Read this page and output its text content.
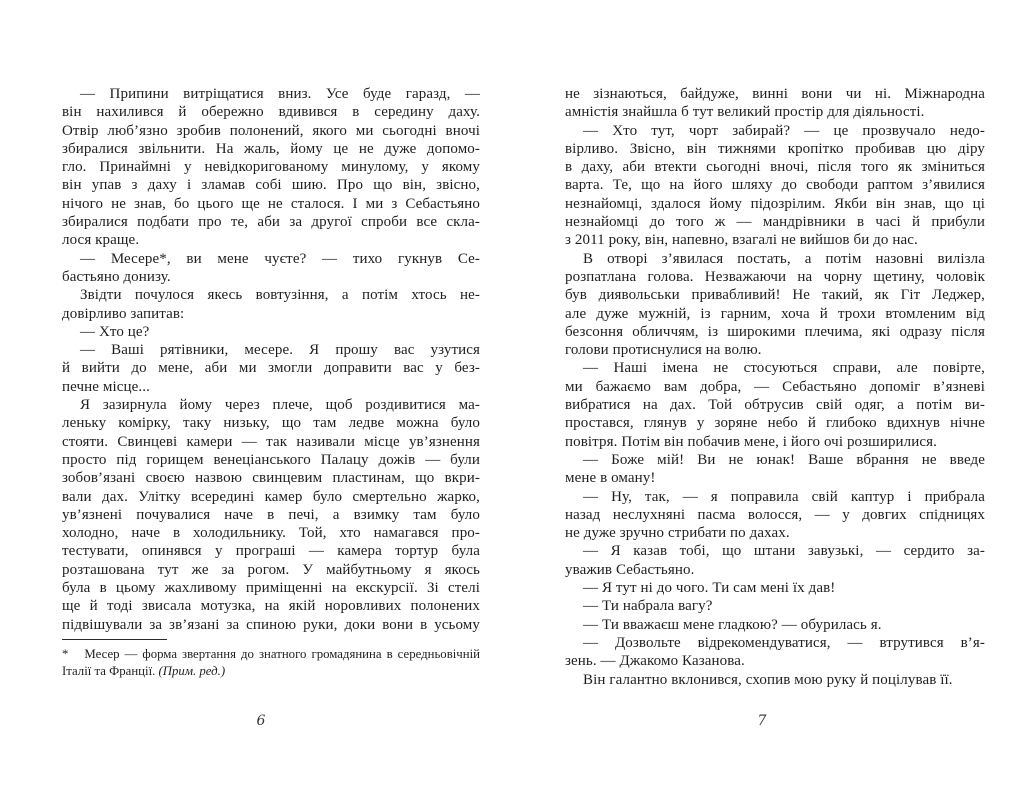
— Припини витріщатися вниз. Усе буде гаразд, —
він нахилився й обережно вдивився в середину даху.
Отвір люб’язно зробив полонений, якого ми сьогодні вночі
збиралися звільнити. На жаль, йому це не дуже допомо-
гло. Принаймні у невідкоригованому минулому, у якому
він упав з даху і зламав собі шию. Про що він, звісно,
нічого не знав, бо цього ще не сталося. І ми з Себастьяно
збиралися подбати про те, аби за другої спроби все скла-
лося краще.
— Месере*, ви мене чуєте? — тихо гукнув Се-
бастьяно донизу.
Звідти почулося якесь вовтузіння, а потім хтось не-
довірливо запитав:
— Хто це?
— Ваші рятівники, месере. Я прошу вас узутися
й вийти до мене, аби ми змогли доправити вас у без-
печне місце...
Я зазирнула йому через плече, щоб роздивитися ма-
леньку комірку, таку низьку, що там ледве можна було
стояти. Свинцеві камери — так називали місце ув’язнення
просто під горищем венеціанського Палацу дожів — були
зобов’язані своєю назвою свинцевим пластинам, що вкри-
вали дах. Улітку всередині камер було смертельно жарко,
ув’язнені почувалися наче в печі, а взимку там було
холодно, наче в холодильнику. Той, хто намагався про-
тестувати, опинявся у програші — камера тортур була
розташована тут же за рогом. У майбутньому я якось
була в цьому жахливому приміщенні на екскурсії. Зі стелі
ще й тоді звисала мотузка, на якій норовливих полонених
підвішували за зв’язані за спиною руки, доки вони в усьому
* Месер — форма звертання до знатного громадянина в середньовічній Італії та Франції. (Прим. ред.)
6
не зізнаються, байдуже, винні вони чи ні. Міжнародна
амністія знайшла б тут великий простір для діяльності.
— Хто тут, чорт забирай? — це прозвучало недо-
вірливо. Звісно, він тижнями кропітко пробивав цю діру
в даху, аби втекти сьогодні вночі, після того як зміниться
варта. Те, що на його шляху до свободи раптом з’явилися
незнайомці, здалося йому підозрілим. Якби він знав, що ці
незнайомці до того ж — мандрівники в часі й прибули
з 2011 року, він, напевно, взагалі не вийшов би до нас.
В отворі з’явилася постать, а потім назовні вилізла
розпатлана голова. Незважаючи на чорну щетину, чоловік
був диявольськи привабливий! Не такий, як Гіт Леджер,
але дуже мужній, із гарним, хоча й трохи втомленим від
безсоння обличчям, із широкими плечима, які одразу після
голови протиснулися на волю.
— Наші імена не стосуються справи, але повірте,
ми бажаємо вам добра, — Себастьяно допоміг в’язневі
вибратися на дах. Той обтрусив свій одяг, а потім ви-
простався, глянув у зоряне небо й глибоко вдихнув нічне
повітря. Потім він побачив мене, і його очі розширилися.
— Боже мій! Ви не юнак! Ваше вбрання не введе
мене в оману!
— Ну, так, — я поправила свій каптур і прибрала
назад неслухняні пасма волосся, — у довгих спідницях
не дуже зручно стрибати по дахах.
— Я казав тобі, що штани завузькі, — сердито за-
уважив Себастьяно.
— Я тут ні до чого. Ти сам мені їх дав!
— Ти набрала вагу?
— Ти вважаєш мене гладкою? — обурилась я.
— Дозвольте відрекомендуватися, — втрутився в’я-
зень. — Джакомо Казанова.
Він галантно вклонився, схопив мою руку й поцілував її.
7
